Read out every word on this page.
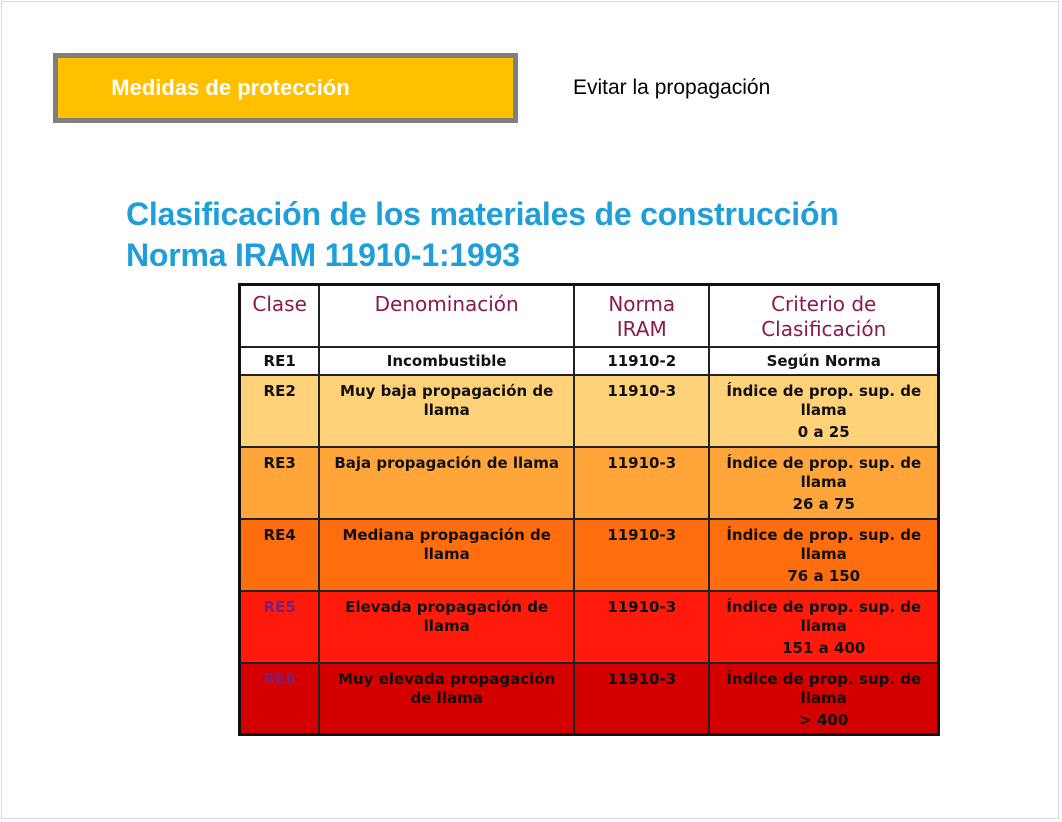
Medidas de protección	Evitar la propagación
Clasificación de los materiales de construcción
Norma IRAM 11910-1:1993
Clase	Denominación	Norma IRAM	Criterio de Clasificación
RE1	Incombustible	11910-2	Según Norma
RE2	Muy baja propagación de llama	11910-3	Índice de prop. sup. de llama
0 a 25

RE3	Baja propagación de llama	11910-3	Índice de prop. sup. de llama
26 a 75

RE4	Mediana propagación de llama	11910-3	Índice de prop. sup. de llama
76 a 150

RE5	Elevada propagación de llama	11910-3	Índice de prop. sup. de llama
151 a 400

RE6	Muy elevada propagación de llama	11910-3	Índice de prop. sup. de llama
> 400
